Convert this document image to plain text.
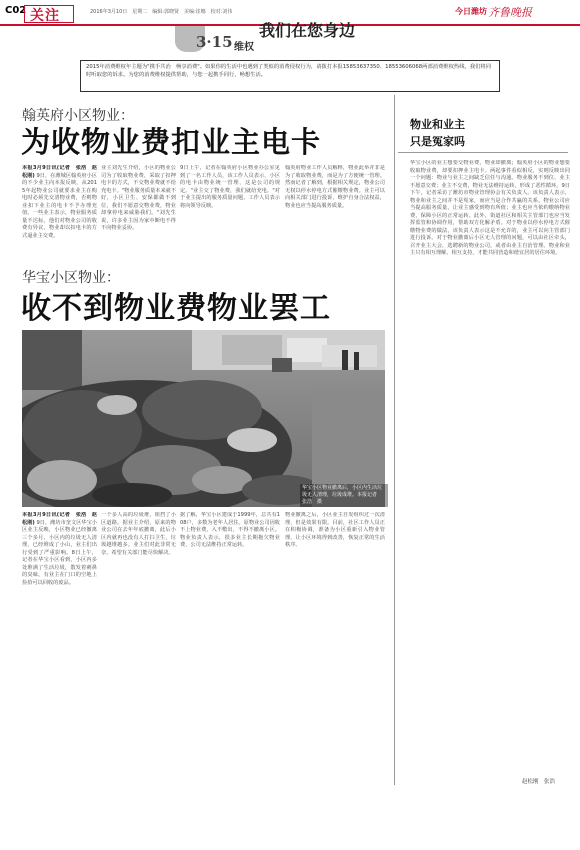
C02 关注	2016年3月10日　星期二　编辑:郭晓贤　美编:崔娜　校对:刘伟	今日潍坊 齐鲁晚报
我们在您身边
3·15 维权
2015年消费维权年主题为"携手共治　畅享消费"。如果你的生活中也遇到了类似的消费侵权行为，请拨打本报15853637350、18553606068两部消费维权热线，我们将同时听取您的诉求。为您的消费维权提供帮助，与您一起携手同行，畅想生活。
翰英府小区物业：
为收物业费扣业主电卡
本报3月9日讯(记者　张浩　赵松刚) 9日，在潍城区翰英府小区的不少业主向本报反映，从2015年起物业公司就要求业主在购电时必须先交清物业费，否则物业扣下业主的电卡不予办理充值。一些业主表示，物业服务质量不达标，他们对物业公司的收费有异议，物业却以扣电卡的方式逼业主交费。
业主刘先生介绍，小区的物业公司为了收取物业费，采取了扣押电卡的方式，不交物业费就不给充电卡。"物业服务质量本来就不好，小区卫生、安保都做不到位，我们不愿意交物业费，物业却拿停电来威胁我们。"刘先生说，许多业主因为家中断电不得不向物业妥协。
9日上午，记者在翰英府小区物业办公室见到了一名工作人员，该工作人员表示，小区的电卡由物业统一管理，这是公司的规定。"业主交了物业费，我们就给充电。"对于业主提出的服务质量问题，工作人员表示将向领导反映。
翰英府物业工作人员解释，物业此举并非是为了收取物业费，而是为了方便统一管理。然而记者了解到，根据相关规定，物业公司无权以停水停电方式催缴物业费。业主可以向相关部门进行投诉，维护自身合法权益，物业也应当提高服务质量。
华宝小区物业：
收不到物业费物业罢工
华宝小区物业撤离后，小区内生活垃圾无人清理，垃圾成堆。本报记者　张浩　摄
本报3月9日讯(记者　张浩　赵松刚) 9日，潍坊市奎文区华宝小区业主反映，小区物业已经撤离三个多月，小区内的垃圾无人清理，已经堆成了小山，业主们出行受到了严重影响。8日上午，记者在华宝小区看到，小区内多处堆满了生活垃圾，散发着刺鼻的臭味，有业主在门口的空地上捡拾可以回收的废品。
一个多人高的垃圾堆，阻挡了小区道路。据业主介绍，原来的物业公司在去年年底撤离，此后小区内就再也没有人打扫卫生，垃圾越堆越多。业主们对此非常无奈，希望有关部门能尽快解决。
据了解，华宝小区建成于1999年，总共有108户，多数为老年人居住。原物业公司因收不上物业费，入不敷出，不得不撤离小区。物业负责人表示，很多业主长期拖欠物业费，公司无法维持正常运转。
物业撤离之后，小区业主自发组织过一次清理，但是效果有限。目前，社区工作人员正在积极协调，准备为小区重新引入物业管理，让小区环境得到改善，恢复正常的生活秩序。
物业和业主
只是冤家吗
华宝小区的业主想要交物业费，物业却撤离；翰英府小区的物业想要收取物业费，却要扣押业主电卡。两起事件看似相反，实则反映出同一个问题：物业与业主之间缺乏信任与沟通。物业服务不到位，业主不愿意交费；业主不交费，物业无法维持运转，形成了恶性循环。9日下午，记者采访了潍坊市物业管理协会有关负责人。该负责人表示，物业和业主之间并不是冤家，而应当是合作共赢的关系。物业公司应当提高服务质量，让业主感受到物有所值；业主也应当依约缴纳物业费，保障小区的正常运转。此外，街道社区和相关主管部门也应当发挥监管和协调作用，帮助双方化解矛盾。对于物业以停水停电方式催缴物业费的做法，该负责人表示这是不允许的，业主可以向主管部门进行投诉。对于物业撤离后小区无人管理的问题，可以由社区牵头，召开业主大会，选聘新的物业公司，或者由业主自治管理。物业和业主只有相互理解、相互支持，才能共同营造和谐宜居的居住环境。
赵松刚　张浩
